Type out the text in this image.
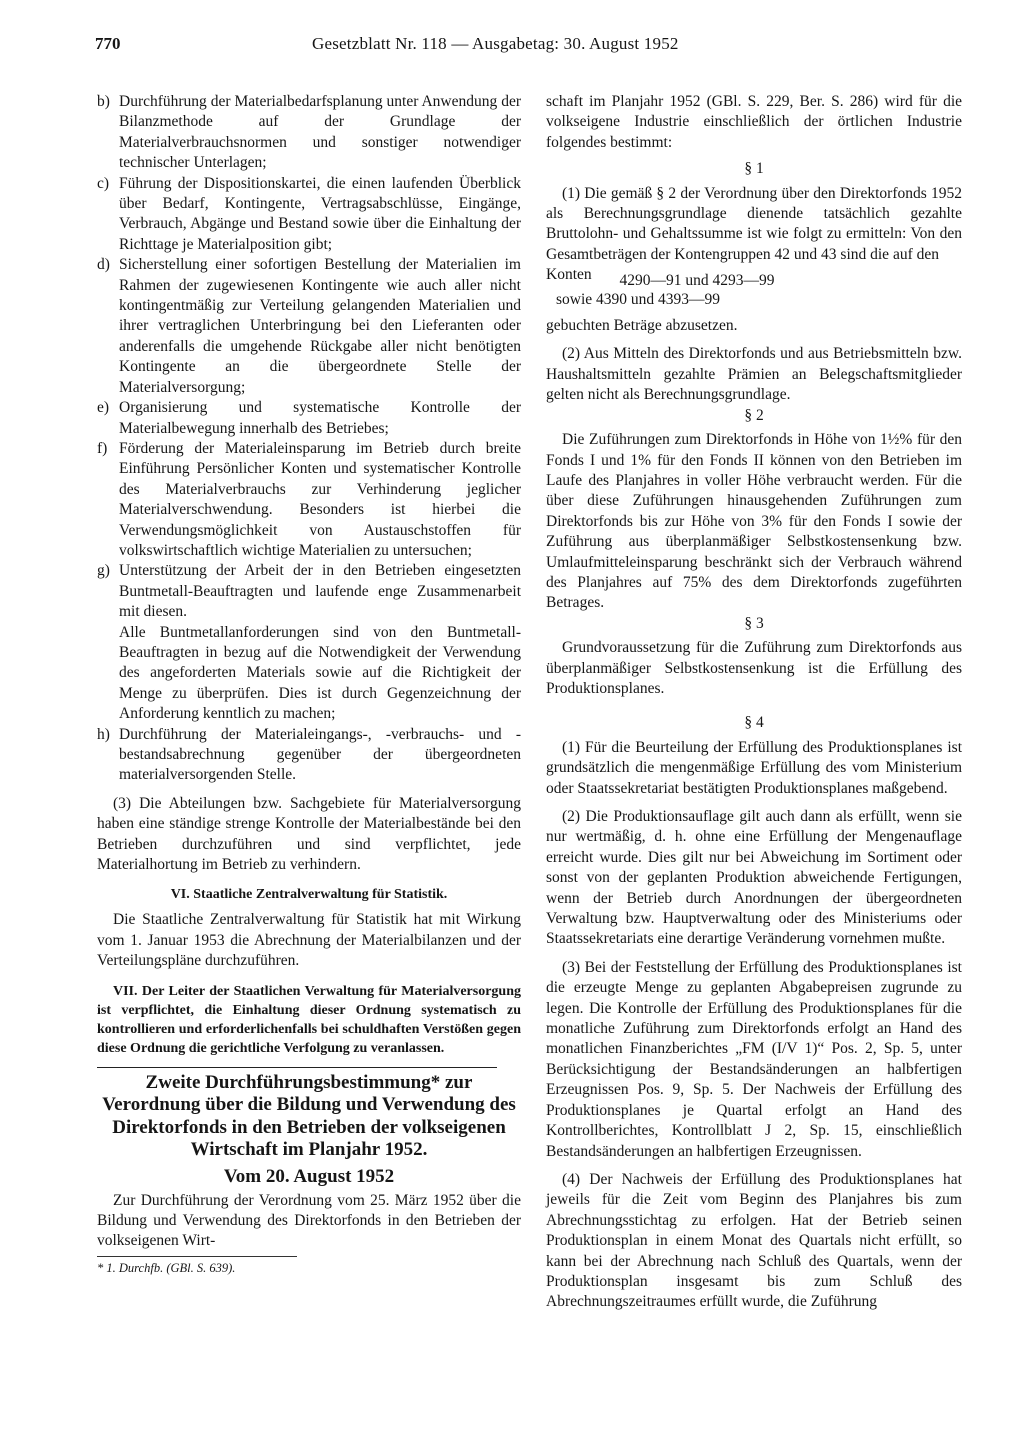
770	Gesetzblatt Nr. 118 — Ausgabetag: 30. August 1952
b) Durchführung der Materialbedarfsplanung unter Anwendung der Bilanzmethode auf der Grundlage der Materialverbrauchsnormen und sonstiger notwendiger technischer Unterlagen;
c) Führung der Dispositionskartei, die einen laufenden Überblick über Bedarf, Kontingente, Vertragsabschlüsse, Eingänge, Verbrauch, Abgänge und Bestand sowie über die Einhaltung der Richttage je Materialposition gibt;
d) Sicherstellung einer sofortigen Bestellung der Materialien im Rahmen der zugewiesenen Kontingente wie auch aller nicht kontingentmäßig zur Verteilung gelangenden Materialien und ihrer vertraglichen Unterbringung bei den Lieferanten oder anderenfalls die umgehende Rückgabe aller nicht benötigten Kontingente an die übergeordnete Stelle der Materialversorgung;
e) Organisierung und systematische Kontrolle der Materialbewegung innerhalb des Betriebes;
f) Förderung der Materialeinsparung im Betrieb durch breite Einführung Persönlicher Konten und systematischer Kontrolle des Materialverbrauchs zur Verhinderung jeglicher Materialverschwendung. Besonders ist hierbei die Verwendungsmöglichkeit von Austauschstoffen für volkswirtschaftlich wichtige Materialien zu untersuchen;
g) Unterstützung der Arbeit der in den Betrieben eingesetzten Buntmetall-Beauftragten und laufende enge Zusammenarbeit mit diesen.

Alle Buntmetallanforderungen sind von den Buntmetall-Beauftragten in bezug auf die Notwendigkeit der Verwendung des angeforderten Materials sowie auf die Richtigkeit der Menge zu überprüfen. Dies ist durch Gegenzeichnung der Anforderung kenntlich zu machen;

h) Durchführung der Materialeingangs-, -verbrauchs- und -bestandsabrechnung gegenüber der übergeordneten materialversorgenden Stelle.

(3) Die Abteilungen bzw. Sachgebiete für Materialversorgung haben eine ständige strenge Kontrolle der Materialbestände bei den Betrieben durchzuführen und sind verpflichtet, jede Materialhortung im Betrieb zu verhindern.

VI. Staatliche Zentralverwaltung für Statistik.

Die Staatliche Zentralverwaltung für Statistik hat mit Wirkung vom 1. Januar 1953 die Abrechnung der Materialbilanzen und der Verteilungspläne durchzuführen.

VII. Der Leiter der Staatlichen Verwaltung für Materialversorgung ist verpflichtet, die Einhaltung dieser Ordnung systematisch zu kontrollieren und erforderlichenfalls bei schuldhaften Verstößen gegen diese Ordnung die gerichtliche Verfolgung zu veranlassen.

Zweite Durchführungsbestimmung* zur Verordnung über die Bildung und Verwendung des Direktorfonds in den Betrieben der volkseigenen Wirtschaft im Planjahr 1952.

Vom 20. August 1952

Zur Durchführung der Verordnung vom 25. März 1952 über die Bildung und Verwendung des Direktorfonds in den Betrieben der volkseigenen Wirt-

* 1. Durchfb. (GBl. S. 639).

schaft im Planjahr 1952 (GBl. S. 229, Ber. S. 286) wird für die volkseigene Industrie einschließlich der örtlichen Industrie folgendes bestimmt:

§ 1

(1) Die gemäß § 2 der Verordnung über den Direktorfonds 1952 als Berechnungsgrundlage dienende tatsächlich gezahlte Bruttolohn- und Gehaltssumme ist wie folgt zu ermitteln: Von den Gesamtbeträgen der Kontengruppen 42 und 43 sind die auf den

Konten 4290—91 und 4293—99

sowie 4390 und 4393—99

gebuchten Beträge abzusetzen.

(2) Aus Mitteln des Direktorfonds und aus Betriebsmitteln bzw. Haushaltsmitteln gezahlte Prämien an Belegschaftsmitglieder gelten nicht als Berechnungsgrundlage.

§ 2

Die Zuführungen zum Direktorfonds in Höhe von 1½% für den Fonds I und 1% für den Fonds II können von den Betrieben im Laufe des Planjahres in voller Höhe verbraucht werden. Für die über diese Zuführungen hinausgehenden Zuführungen zum Direktorfonds bis zur Höhe von 3% für den Fonds I sowie der Zuführung aus überplanmäßiger Selbstkostensenkung bzw. Umlaufmitteleinsparung beschränkt sich der Verbrauch während des Planjahres auf 75% des dem Direktorfonds zugeführten Betrages.

§ 3

Grundvoraussetzung für die Zuführung zum Direktorfonds aus überplanmäßiger Selbstkostensenkung ist die Erfüllung des Produktionsplanes.

§ 4

(1) Für die Beurteilung der Erfüllung des Produktionsplanes ist grundsätzlich die mengenmäßige Erfüllung des vom Ministerium oder Staatssekretariat bestätigten Produktionsplanes maßgebend.

(2) Die Produktionsauflage gilt auch dann als erfüllt, wenn sie nur wertmäßig, d. h. ohne eine Erfüllung der Mengenauflage erreicht wurde. Dies gilt nur bei Abweichung im Sortiment oder sonst von der geplanten Produktion abweichende Fertigungen, wenn der Betrieb durch Anordnungen der übergeordneten Verwaltung bzw. Hauptverwaltung oder des Ministeriums oder Staatssekretariats eine derartige Veränderung vornehmen mußte.

(3) Bei der Feststellung der Erfüllung des Produktionsplanes ist die erzeugte Menge zu geplanten Abgabepreisen zugrunde zu legen. Die Kontrolle der Erfüllung des Produktionsplanes für die monatliche Zuführung zum Direktorfonds erfolgt an Hand des monatlichen Finanzberichtes „FM (I/V 1)“ Pos. 2, Sp. 5, unter Berücksichtigung der Bestandsänderungen an halbfertigen Erzeugnissen Pos. 9, Sp. 5. Der Nachweis der Erfüllung des Produktionsplanes je Quartal erfolgt an Hand des Kontrollberichtes, Kontrollblatt J 2, Sp. 15, einschließlich Bestandsänderungen an halbfertigen Erzeugnissen.

(4) Der Nachweis der Erfüllung des Produktionsplanes hat jeweils für die Zeit vom Beginn des Planjahres bis zum Abrechnungsstichtag zu erfolgen. Hat der Betrieb seinen Produktionsplan in einem Monat des Quartals nicht erfüllt, so kann bei der Abrechnung nach Schluß des Quartals, wenn der Produktionsplan insgesamt bis zum Schluß des Abrechnungszeitraumes erfüllt wurde, die Zuführung
